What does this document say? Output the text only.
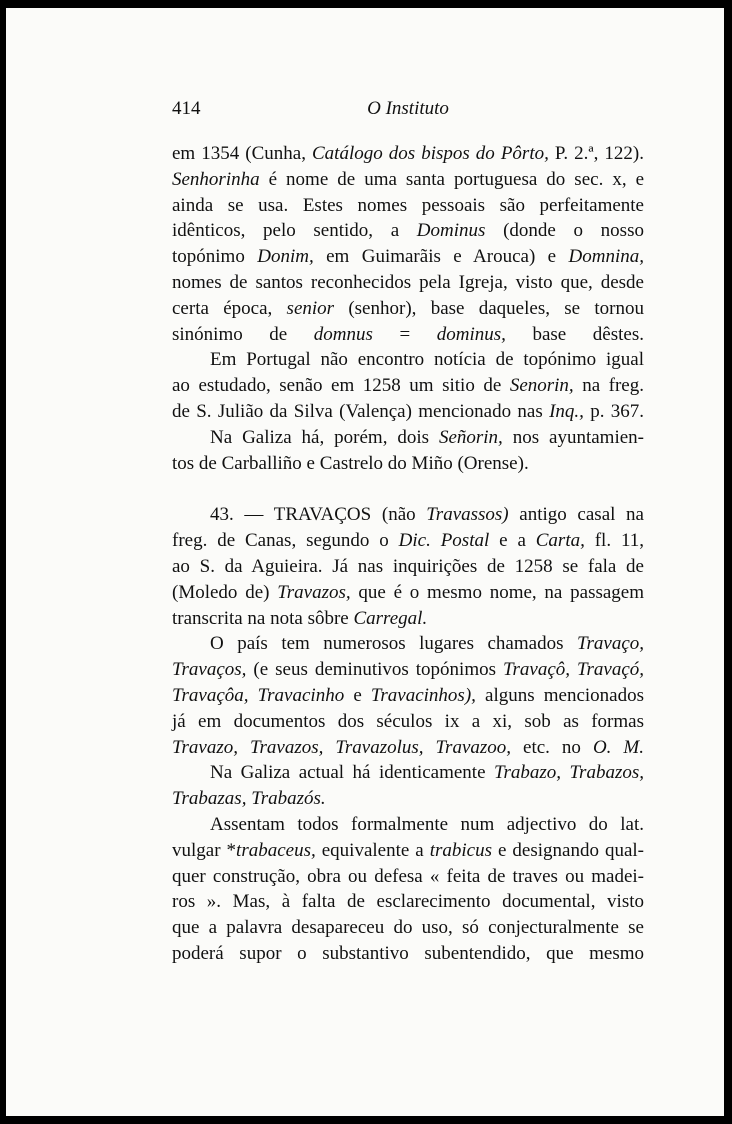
414	O Instituto
em 1354 (Cunha, Catálogo dos bispos do Pôrto, P. 2.ª, 122).
Senhorinha é nome de uma santa portuguesa do sec. x, e
ainda se usa. Estes nomes pessoais são perfeitamente
idênticos, pelo sentido, a Dominus (donde o nosso
topónimo Donim, em Guimarãis e Arouca) e Domnina,
nomes de santos reconhecidos pela Igreja, visto que, desde
certa época, senior (senhor), base daqueles, se tornou
sinónimo de domnus = dominus, base dêstes.
Em Portugal não encontro notícia de topónimo igual
ao estudado, senão em 1258 um sitio de Senorin, na freg.
de S. Julião da Silva (Valença) mencionado nas Inq., p. 367.
Na Galiza há, porém, dois Señorin, nos ayuntamien-
tos de Carballiño e Castrelo do Miño (Orense).
43. — TRAVAÇOS (não Travassos) antigo casal na
freg. de Canas, segundo o Dic. Postal e a Carta, fl. 11,
ao S. da Aguieira. Já nas inquirições de 1258 se fala de
(Moledo de) Travazos, que é o mesmo nome, na passagem
transcrita na nota sôbre Carregal.
O país tem numerosos lugares chamados Travaço,
Travaços, (e seus deminutivos topónimos Travaçô, Travaçó,
Travaçôa, Travacinho e Travacinhos), alguns mencionados
já em documentos dos séculos ix a xi, sob as formas
Travazo, Travazos, Travazolus, Travazoo, etc. no O. M.
Na Galiza actual há identicamente Trabazo, Trabazos,
Trabazas, Trabazós.
Assentam todos formalmente num adjectivo do lat.
vulgar *trabaceus, equivalente a trabicus e designando qual-
quer construção, obra ou defesa « feita de traves ou madei-
ros ». Mas, à falta de esclarecimento documental, visto
que a palavra desapareceu do uso, só conjecturalmente se
poderá supor o substantivo subentendido, que mesmo
